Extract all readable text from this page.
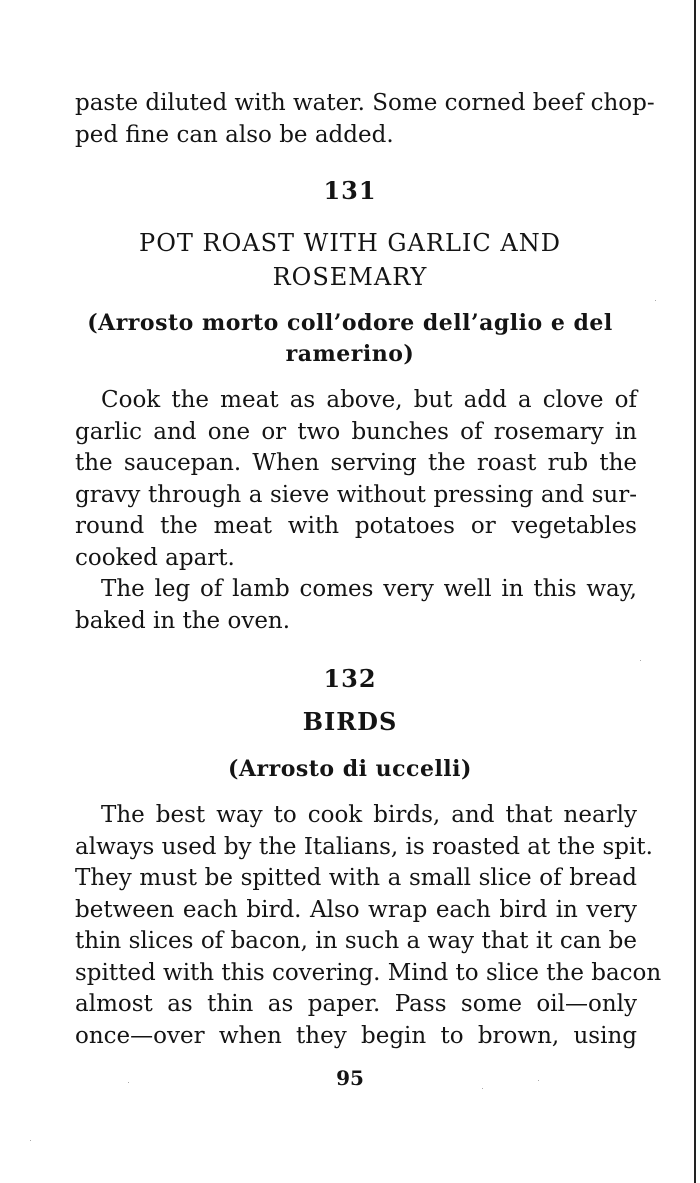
paste diluted with water. Some corned beef chop-
ped fine can also be added.
131
POT ROAST WITH GARLIC AND
ROSEMARY
(Arrosto morto coll’odore dell’aglio e del
ramerino)
Cook the meat as above, but add a clove of
garlic and one or two bunches of rosemary in
the saucepan. When serving the roast rub the
gravy through a sieve without pressing and sur-
round the meat with potatoes or vegetables
cooked apart.
The leg of lamb comes very well in this way,
baked in the oven.
132
BIRDS
(Arrosto di uccelli)
The best way to cook birds, and that nearly
always used by the Italians, is roasted at the spit.
They must be spitted with a small slice of bread
between each bird. Also wrap each bird in very
thin slices of bacon, in such a way that it can be
spitted with this covering. Mind to slice the bacon
almost as thin as paper. Pass some oil—only
once—over when they begin to brown, using
95
